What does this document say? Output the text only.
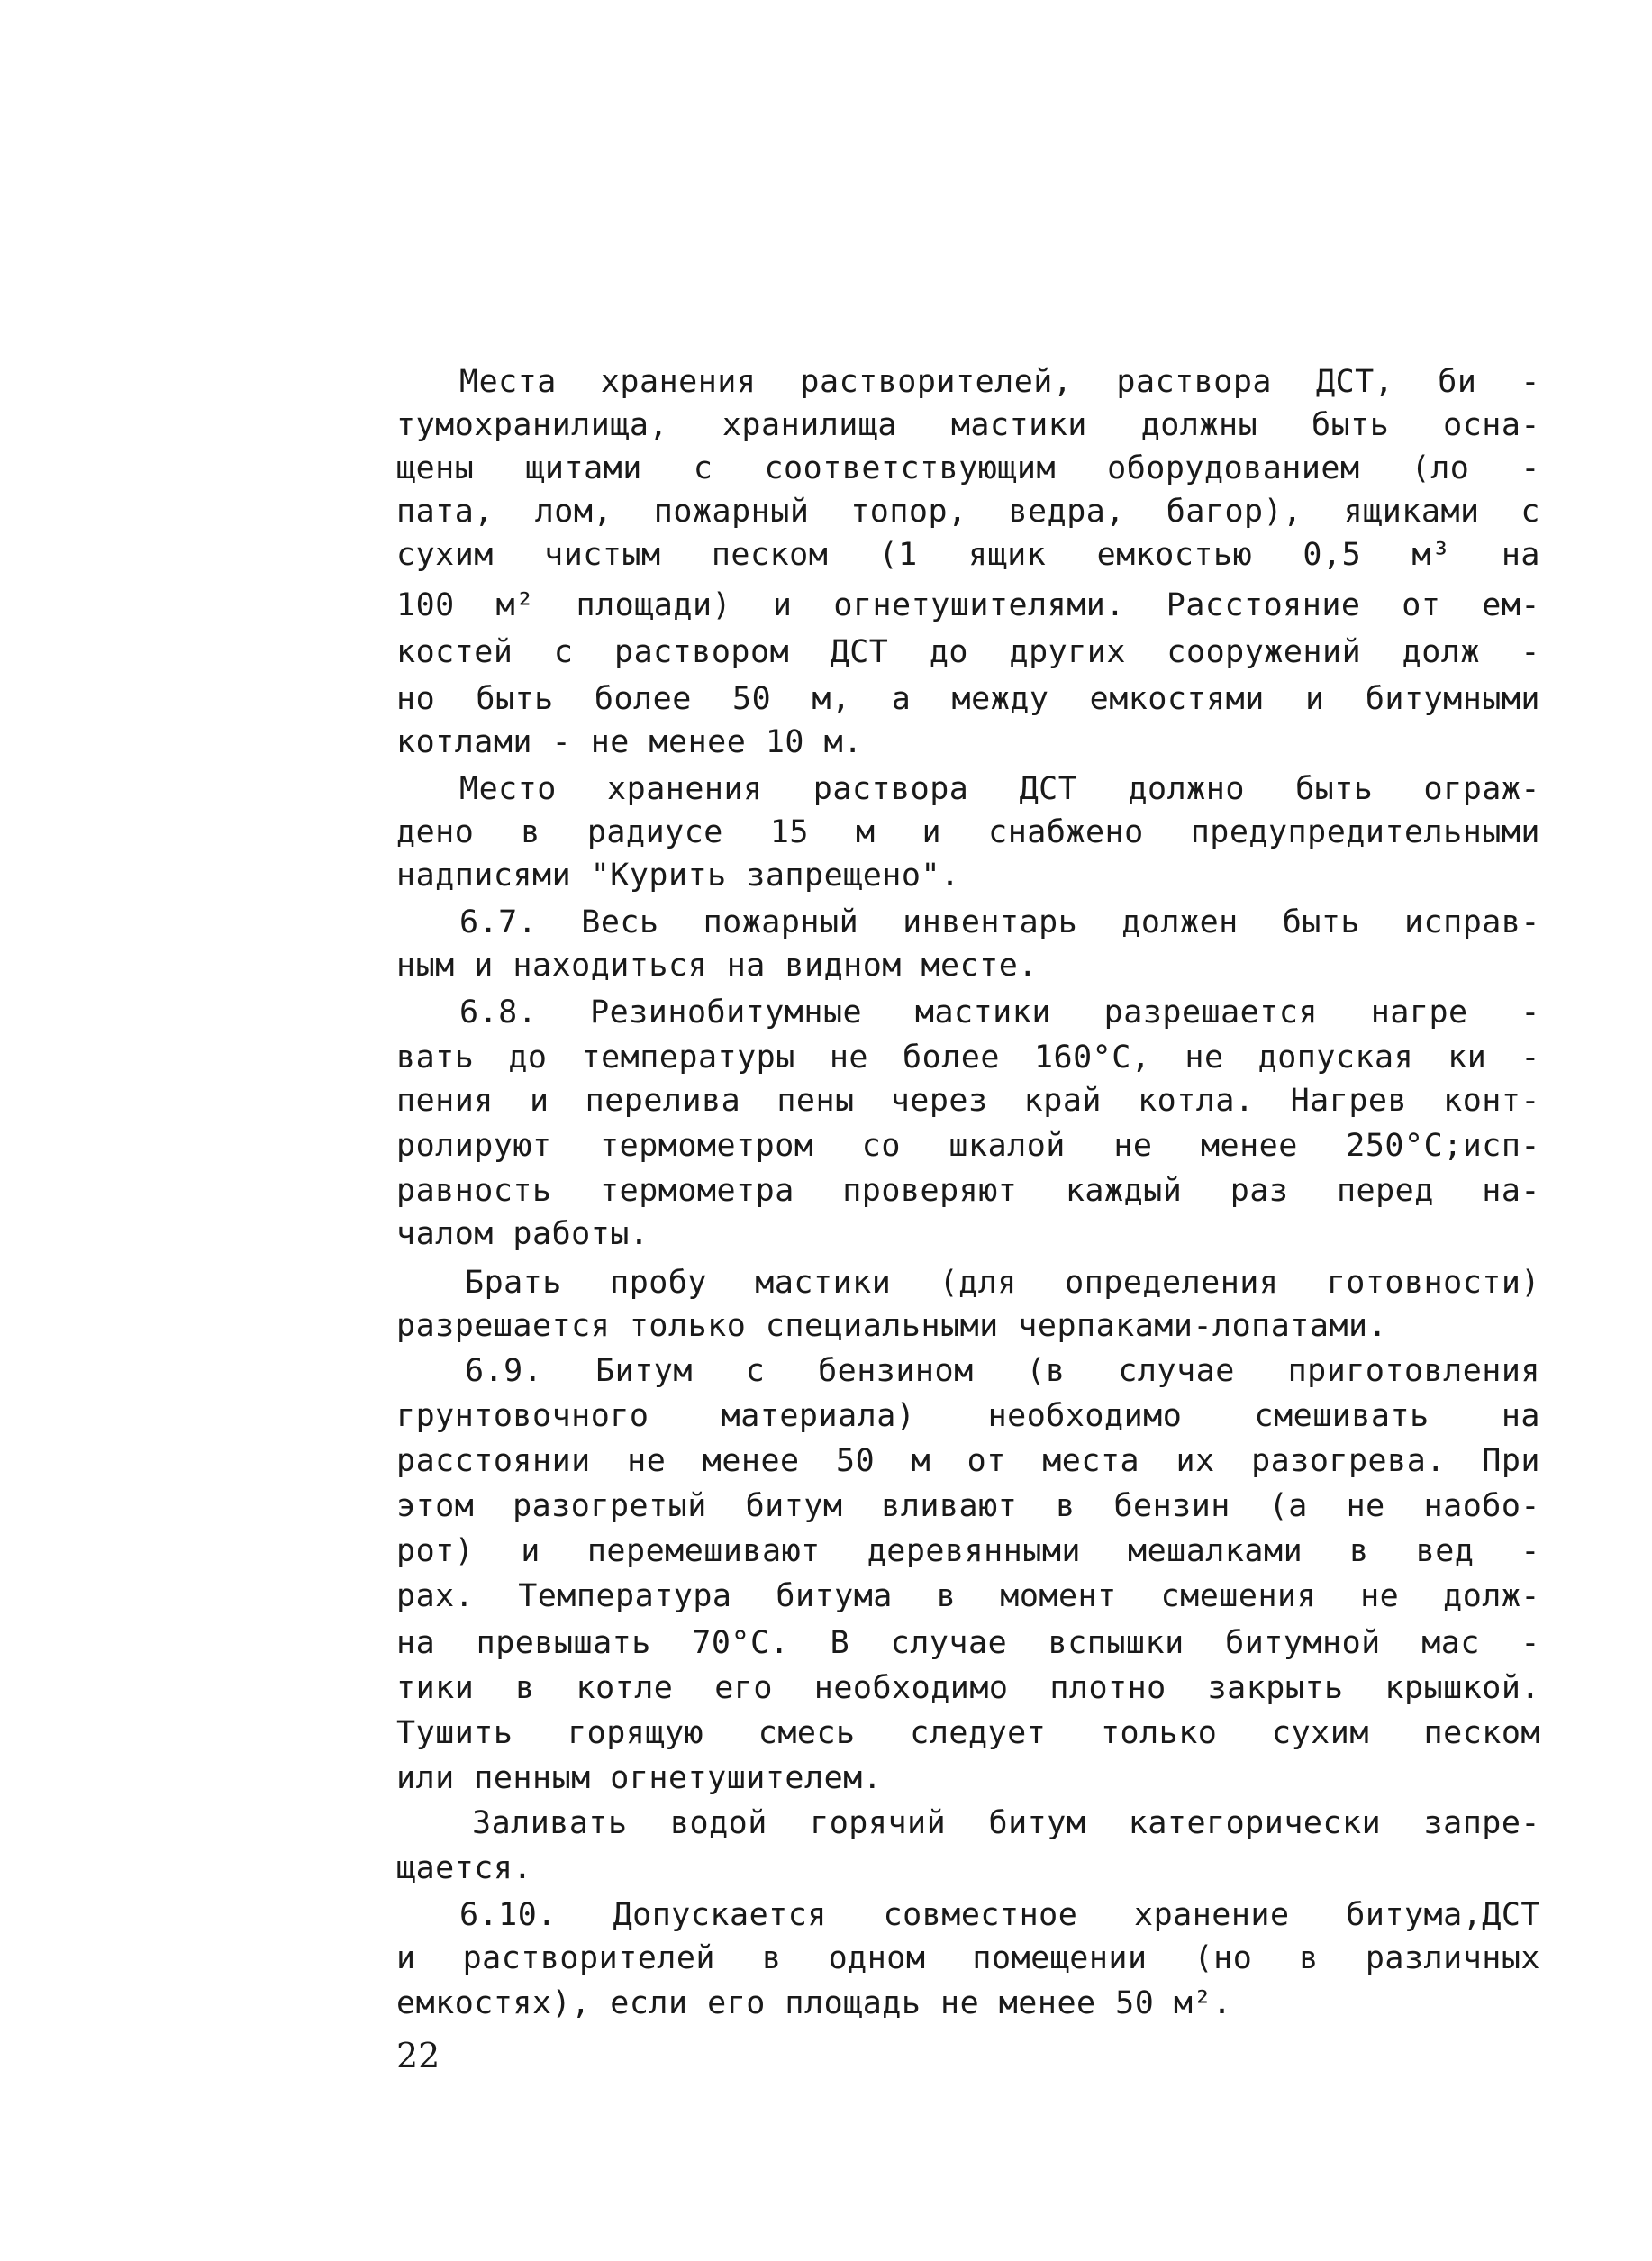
Места хранения растворителей, раствора ДСТ, би -
тумохранилища, хранилища мастики должны быть осна-
щены щитами с соответствующим оборудованием (ло -
пата, лом, пожарный топор, ведра, багор), ящиками с
сухим чистым песком (1 ящик емкостью 0,5 м³ на
100 м² площади) и огнетушителями. Расстояние от ем-
костей с раствором ДСТ до других сооружений долж -
но быть более 50 м, а между емкостями и битумными
котлами - не менее 10 м.
Место хранения раствора ДСТ должно быть ограж-
дено в радиусе 15 м и снабжено предупредительными
надписями "Курить запрещено".
6.7. Весь пожарный инвентарь должен быть исправ-
ным и находиться на видном месте.
6.8. Резинобитумные мастики разрешается нагре -
вать до температуры не более 160°С, не допуская ки -
пения и перелива пены через край котла. Нагрев конт-
ролируют термометром со шкалой не менее 250°С;исп-
равность термометра проверяют каждый раз перед на-
чалом работы.
Брать пробу мастики (для определения готовности)
разрешается только специальными черпаками-лопатами.
6.9. Битум с бензином (в случае приготовления
грунтовочного материала) необходимо смешивать на
расстоянии не менее 50 м от места их разогрева. При
этом разогретый битум вливают в бензин (а не наобо-
рот) и перемешивают деревянными мешалками в вед -
рах. Температура битума в момент смешения не долж-
на превышать 70°С. В случае вспышки битумной мас -
тики в котле его необходимо плотно закрыть крышкой.
Тушить горящую смесь следует только сухим песком
или пенным огнетушителем.
Заливать водой горячий битум категорически запре-
щается.
6.10. Допускается совместное хранение битума,ДСТ
и растворителей в одном помещении (но в различных
емкостях), если его площадь не менее 50 м².
22
